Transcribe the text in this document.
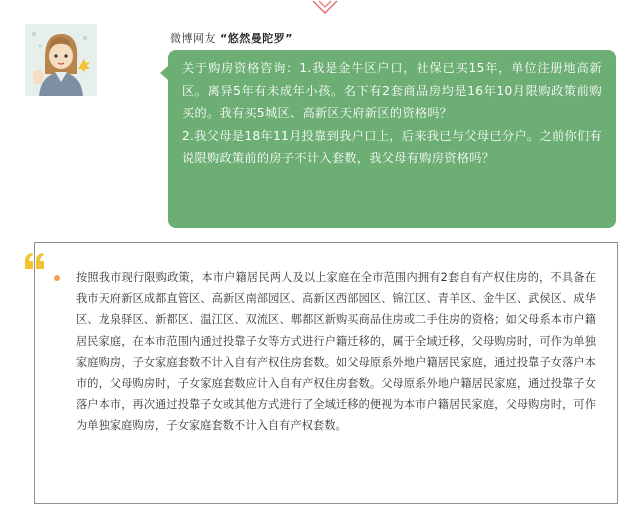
微博网友 “悠然曼陀罗”

关于购房资格咨询：1.我是金牛区户口，社保已买15年，单位注册地高新区。离异5年有未成年小孩。名下有2套商品房均是16年10月限购政策前购买的。我有买5城区、高新区天府新区的资格吗？

2.我父母是18年11月投靠到我户口上，后来我已与父母已分户。之前你们有说限购政策前的房子不计入套数，我父母有购房资格吗？

按照我市现行限购政策，本市户籍居民两人及以上家庭在全市范围内拥有2套自有产权住房的，不具备在我市天府新区成都直管区、高新区南部园区、高新区西部园区、锦江区、青羊区、金牛区、武侯区、成华区、龙泉驿区、新都区、温江区、双流区、郫都区新购买商品住房或二手住房的资格；如父母系本市户籍居民家庭，在本市范围内通过投靠子女等方式进行户籍迁移的，属于全域迁移，父母购房时，可作为单独家庭购房，子女家庭套数不计入自有产权住房套数。如父母原系外地户籍居民家庭，通过投靠子女落户本市的，父母购房时，子女家庭套数应计入自有产权住房套数。父母原系外地户籍居民家庭，通过投靠子女落户本市，再次通过投靠子女或其他方式进行了全域迁移的便视为本市户籍居民家庭，父母购房时，可作为单独家庭购房，子女家庭套数不计入自有产权套数。
